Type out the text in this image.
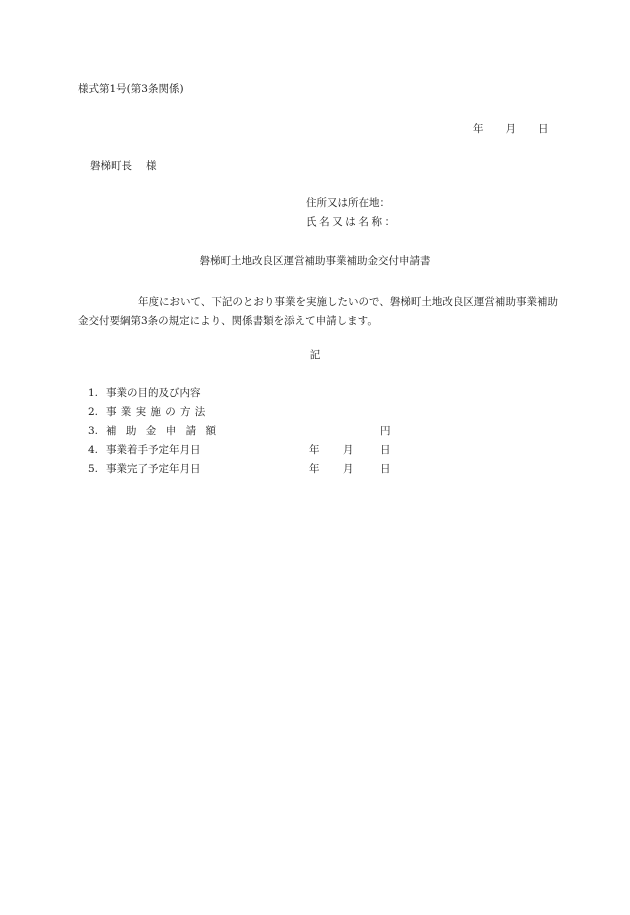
様式第1号(第3条関係)
年 月 日
磐梯町長 様
住所又は所在地：
氏名又は名称：
磐梯町土地改良区運営補助事業補助金交付申請書
年度において、下記のとおり事業を実施したいので、磐梯町土地改良区運営補助事業補助金交付要綱第3条の規定により、関係書類を添えて申請します。
記
1. 事業の目的及び内容
2. 事業実施の方法
3. 補助金申請額	円
4. 事業着手予定年月日	年 月	日
5. 事業完了予定年月日	年 月	日
